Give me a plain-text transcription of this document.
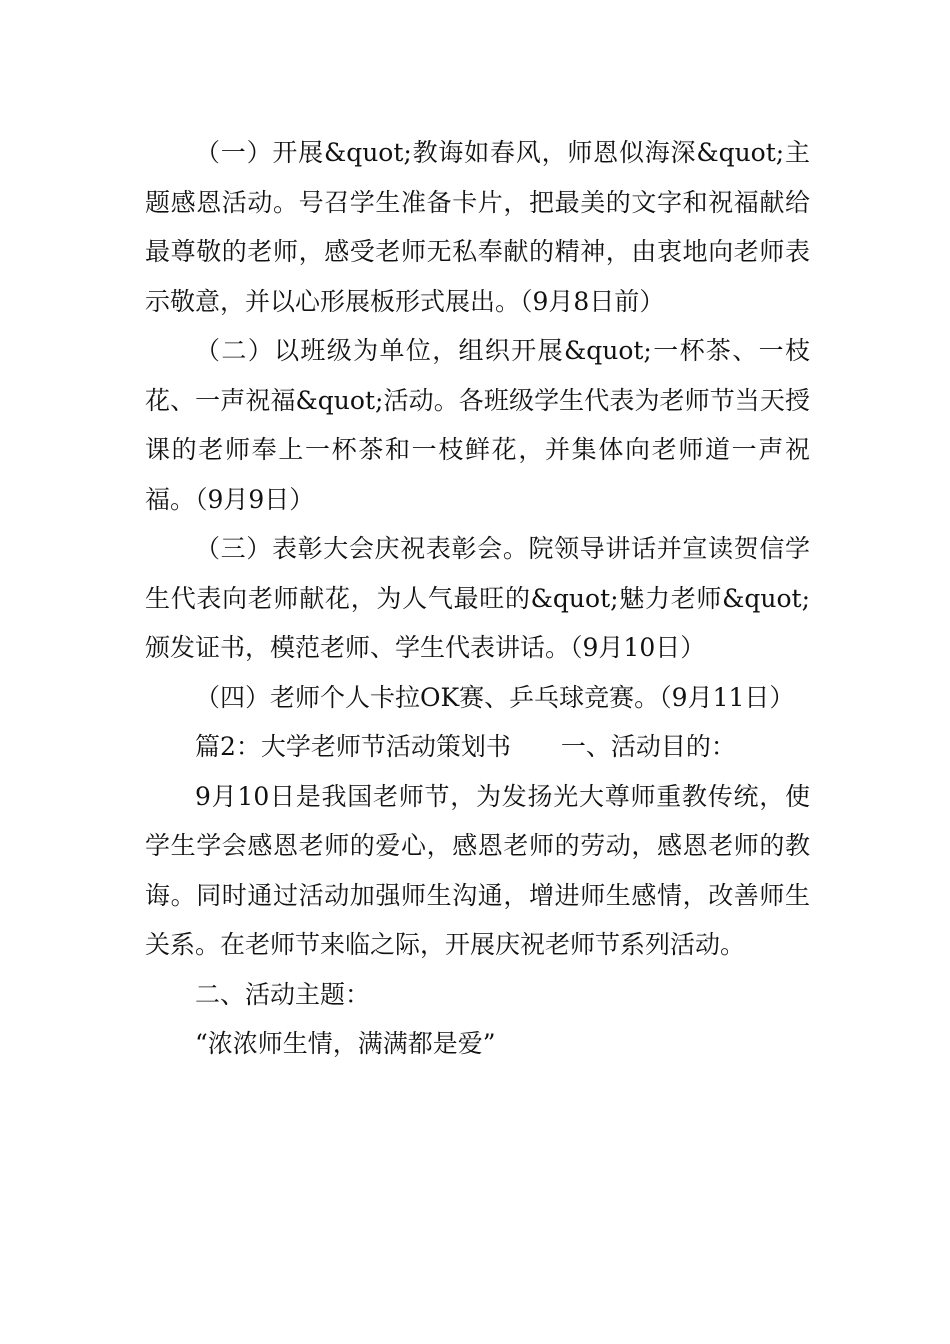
（一）开展&quot;教诲如春风，师恩似海深&quot;主题感恩活动。号召学生准备卡片，把最美的文字和祝福献给最尊敬的老师，感受老师无私奉献的精神，由衷地向老师表示敬意，并以心形展板形式展出。（9月8日前）

（二）以班级为单位，组织开展&quot;一杯茶、一枝花、一声祝福&quot;活动。各班级学生代表为老师节当天授课的老师奉上一杯茶和一枝鲜花，并集体向老师道一声祝福。（9月9日）

（三）表彰大会庆祝表彰会。院领导讲话并宣读贺信学生代表向老师献花，为人气最旺的&quot;魅力老师&quot;颁发证书，模范老师、学生代表讲话。（9月10日）

（四）老师个人卡拉OK赛、乒乓球竞赛。（9月11日）

篇2：大学老师节活动策划书　　一、活动目的：

9月10日是我国老师节，为发扬光大尊师重教传统，使学生学会感恩老师的爱心，感恩老师的劳动，感恩老师的教诲。同时通过活动加强师生沟通，增进师生感情，改善师生关系。在老师节来临之际，开展庆祝老师节系列活动。

二、活动主题：

“浓浓师生情，满满都是爱”
